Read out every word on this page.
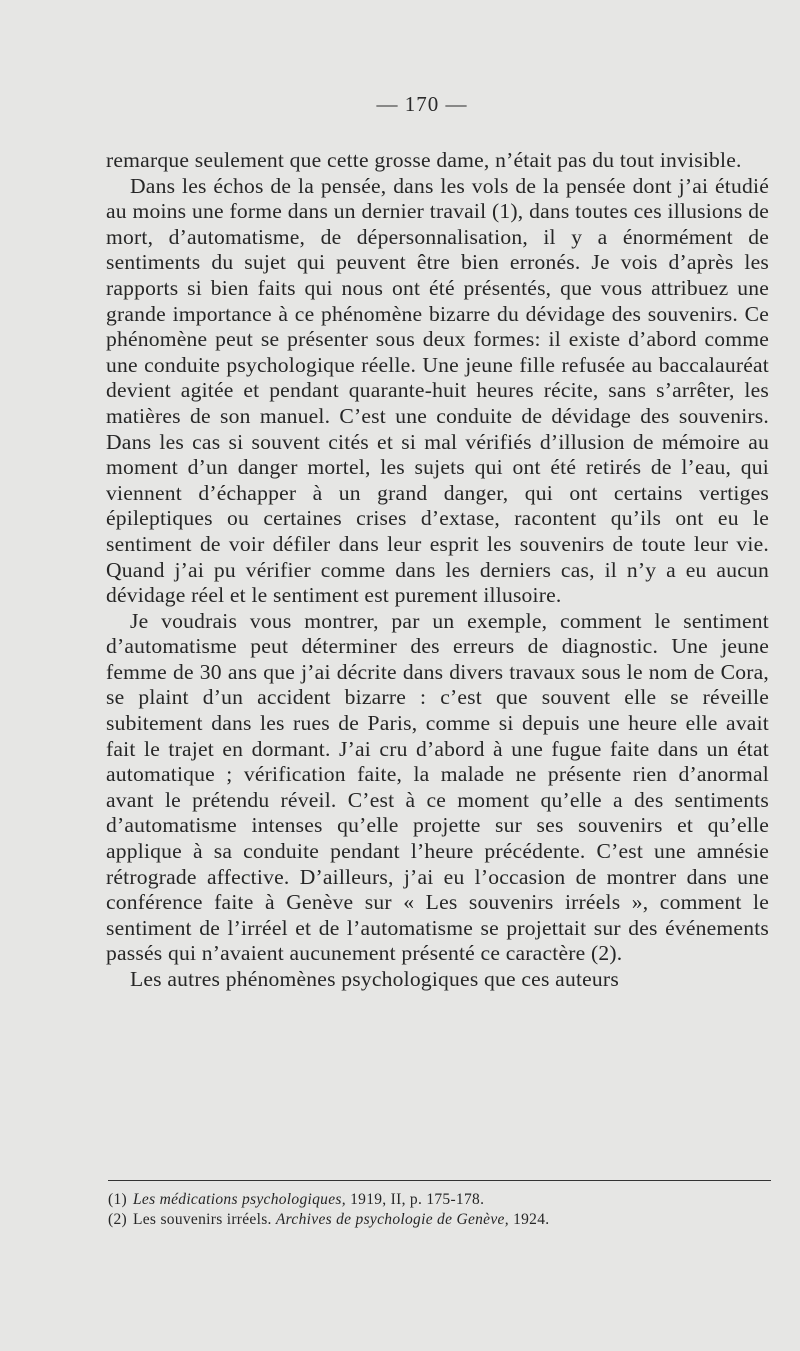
— 170 —

remarque seulement que cette grosse dame, n’était pas du tout invisible.

Dans les échos de la pensée, dans les vols de la pensée dont j’ai étudié au moins une forme dans un dernier travail (1), dans toutes ces illusions de mort, d’automatisme, de dépersonnalisation, il y a énormément de sentiments du sujet qui peuvent être bien erronés. Je vois d’après les rapports si bien faits qui nous ont été présentés, que vous attribuez une grande importance à ce phénomène bizarre du dévidage des souvenirs. Ce phénomène peut se présenter sous deux formes: il existe d’abord comme une conduite psychologique réelle. Une jeune fille refusée au baccalauréat devient agitée et pendant quarante-huit heures récite, sans s’arrêter, les matières de son manuel. C’est une conduite de dévidage des souvenirs. Dans les cas si souvent cités et si mal vérifiés d’illusion de mémoire au moment d’un danger mortel, les sujets qui ont été retirés de l’eau, qui viennent d’échapper à un grand danger, qui ont certains vertiges épileptiques ou certaines crises d’extase, racontent qu’ils ont eu le sentiment de voir défiler dans leur esprit les souvenirs de toute leur vie. Quand j’ai pu vérifier comme dans les derniers cas, il n’y a eu aucun dévidage réel et le sentiment est purement illusoire.

Je voudrais vous montrer, par un exemple, comment le sentiment d’automatisme peut déterminer des erreurs de diagnostic. Une jeune femme de 30 ans que j’ai décrite dans divers travaux sous le nom de Cora, se plaint d’un accident bizarre : c’est que souvent elle se réveille subitement dans les rues de Paris, comme si depuis une heure elle avait fait le trajet en dormant. J’ai cru d’abord à une fugue faite dans un état automatique ; vérification faite, la malade ne présente rien d’anormal avant le prétendu réveil. C’est à ce moment qu’elle a des sentiments d’automatisme intenses qu’elle projette sur ses souvenirs et qu’elle applique à sa conduite pendant l’heure précédente. C’est une amnésie rétrograde affective. D’ailleurs, j’ai eu l’occasion de montrer dans une conférence faite à Genève sur « Les souvenirs irréels », comment le sentiment de l’irréel et de l’automatisme se projettait sur des événements passés qui n’avaient aucunement présenté ce caractère (2).

Les autres phénomènes psychologiques que ces auteurs

(1) Les médications psychologiques, 1919, II, p. 175-178.

(2) Les souvenirs irréels. Archives de psychologie de Genève, 1924.
